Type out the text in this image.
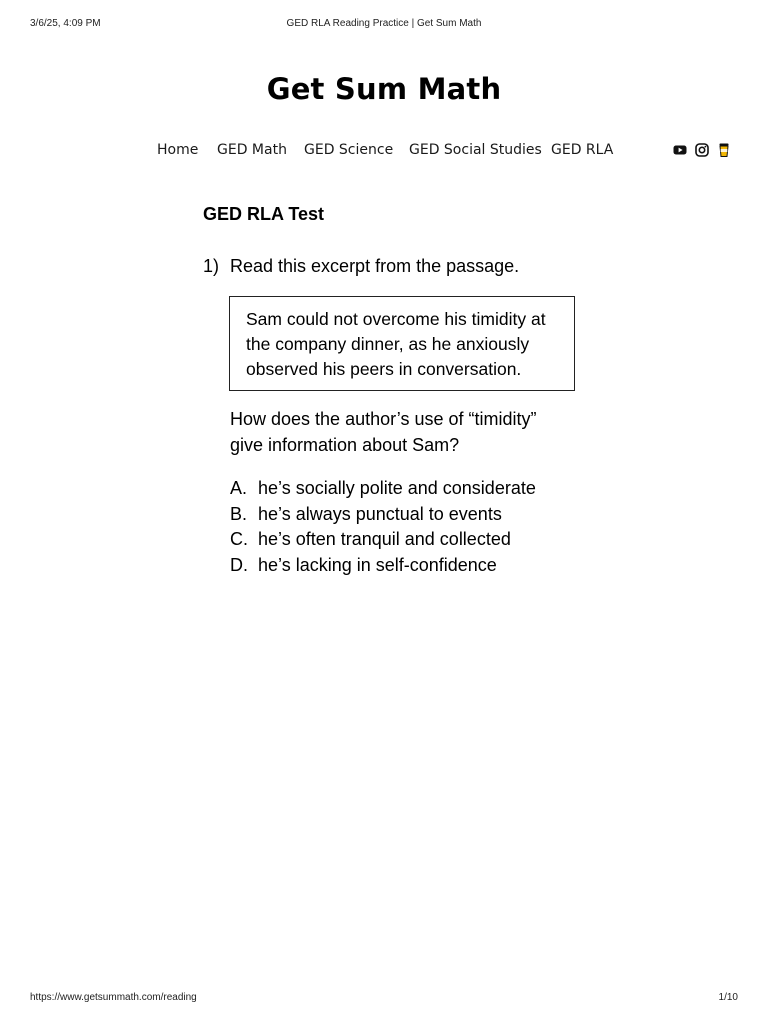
3/6/25, 4:09 PM	GED RLA Reading Practice | Get Sum Math
Get Sum Math
Home GED Math GED Science GED Social Studies GED RLA
GED RLA Test
1) Read this excerpt from the passage.
Sam could not overcome his timidity at
the company dinner, as he anxiously
observed his peers in conversation.
How does the author’s use of “timidity”
give information about Sam?
A. he’s socially polite and considerate
B. he’s always punctual to events
C. he’s often tranquil and collected
D. he’s lacking in self-confidence
https://www.getsummath.com/reading	1/10
